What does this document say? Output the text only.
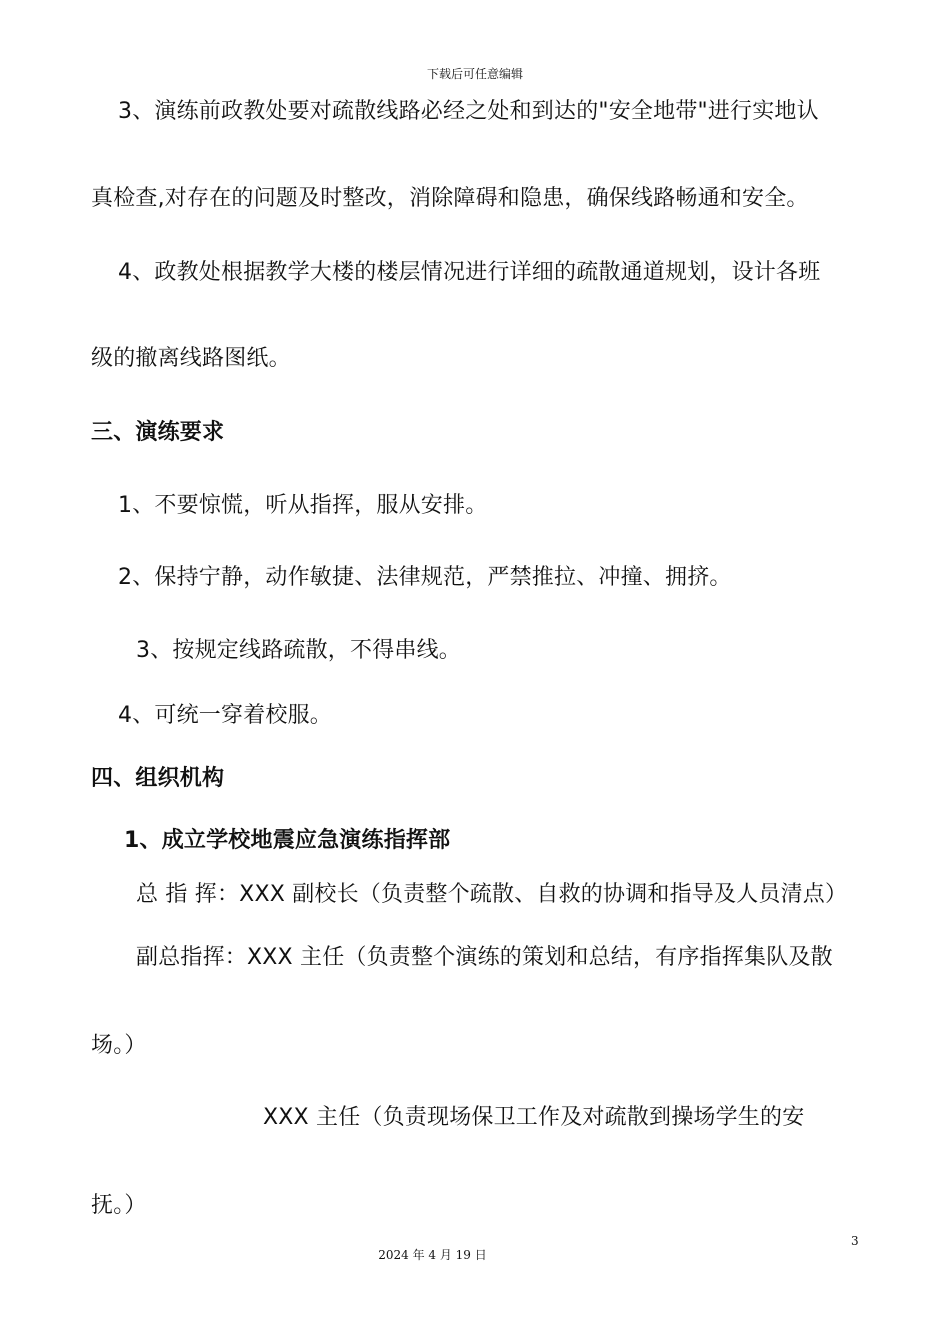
下载后可任意编辑
3、演练前政教处要对疏散线路必经之处和到达的"安全地带"进行实地认
真检查,对存在的问题及时整改，消除障碍和隐患，确保线路畅通和安全。
4、政教处根据教学大楼的楼层情况进行详细的疏散通道规划，设计各班
级的撤离线路图纸。
三、演练要求
1、不要惊慌，听从指挥，服从安排。
2、保持宁静，动作敏捷、法律规范，严禁推拉、冲撞、拥挤。
3、按规定线路疏散，不得串线。
4、可统一穿着校服。
四、组织机构
1、成立学校地震应急演练指挥部
总 指 挥：XXX 副校长（负责整个疏散、自救的协调和指导及人员清点）
副总指挥：XXX 主任（负责整个演练的策划和总结，有序指挥集队及散
场。）
XXX 主任（负责现场保卫工作及对疏散到操场学生的安
抚。）
3
2024 年 4 月 19 日
